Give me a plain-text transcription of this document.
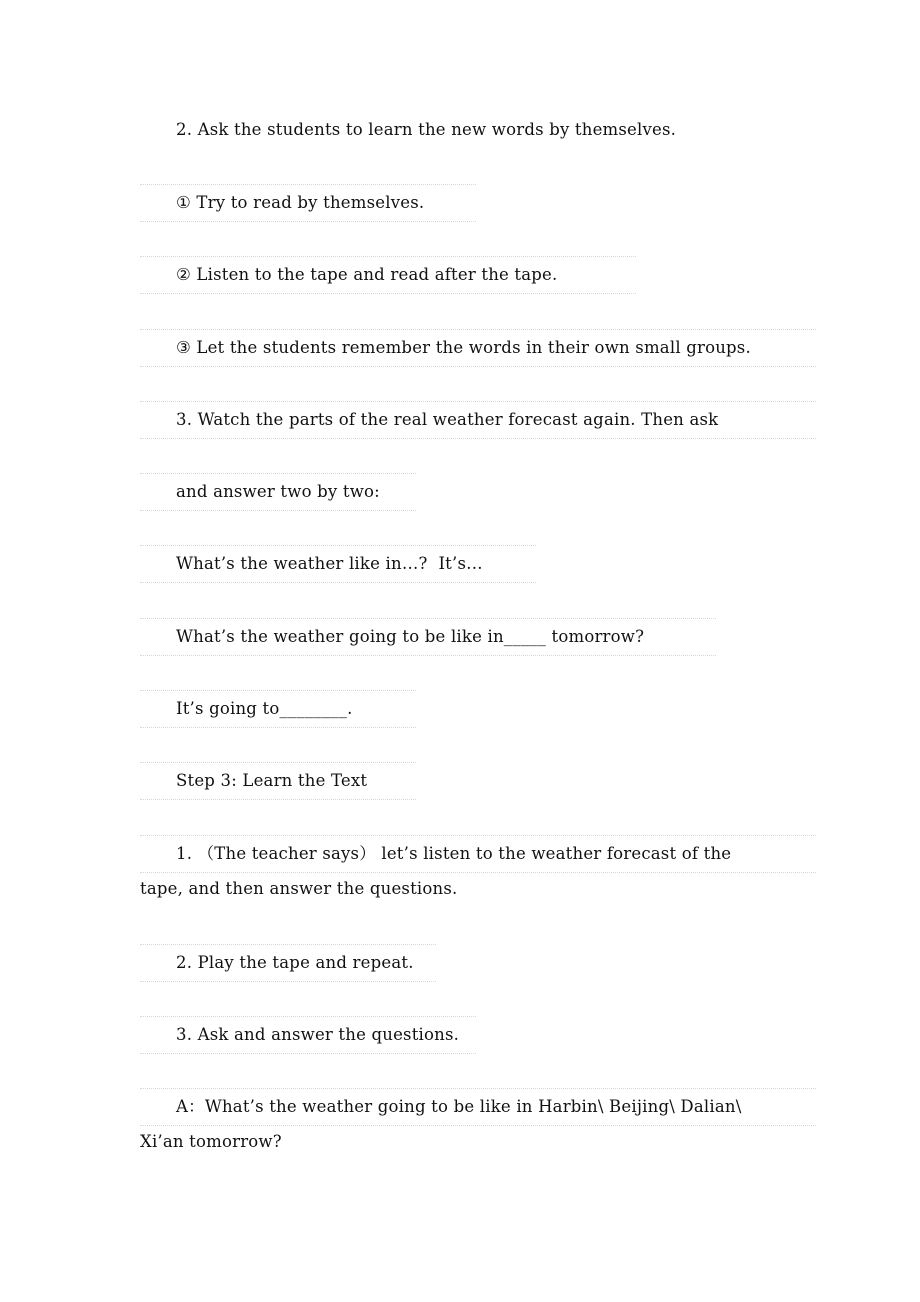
2. Ask the students to learn the new words by themselves.
① Try to read by themselves.
② Listen to the tape and read after the tape.
③ Let the students remember the words in their own small groups.
3. Watch the parts of the real weather forecast again. Then ask
and answer two by two:
What’s the weather like in…?  It’s…
What’s the weather going to be like in_____ tomorrow?
It’s going to________.
Step 3: Learn the Text
1. （The teacher says） let’s listen to the weather forecast of the
tape, and then answer the questions.
2. Play the tape and repeat.
3. Ask and answer the questions.
A：What’s the weather going to be like in Harbin\ Beijing\ Dalian\
Xi’an tomorrow?
